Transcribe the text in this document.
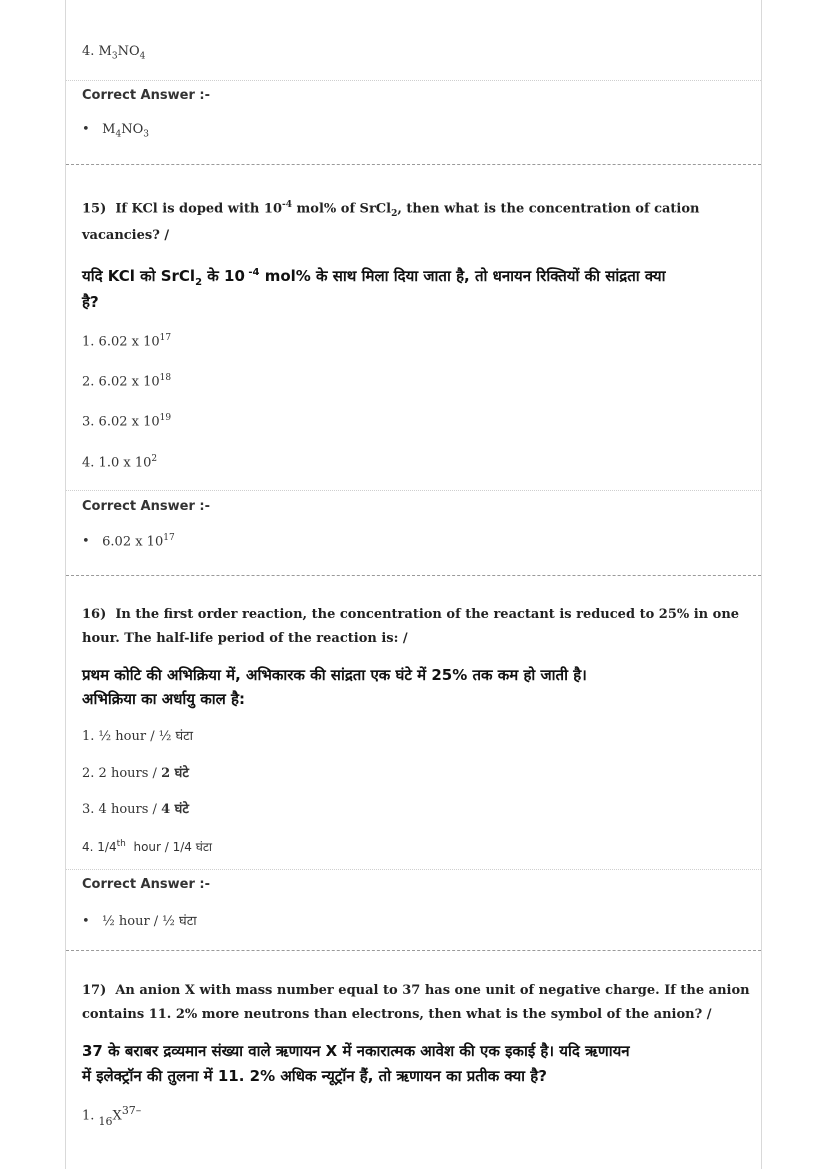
4. $M_3NO_4$
Correct Answer :-
• $M_4NO_3$
15) If KCl is doped with $10^{-4}$ mol% of SrCl$_2$, then what is the concentration of cation
vacancies? /
यदि KCl को SrCl$_2$ के 10 $^{-4}$ mol% के साथ मिला दिया जाता है, तो धनायन रिक्तियों की सांद्रता क्या
है?
1. 6.02 x $10^{17}$
2. 6.02 x $10^{18}$
3. 6.02 x $10^{19}$
4. 1.0 x $10^2$
Correct Answer :-
• 6.02 x $10^{17}$
16) In the first order reaction, the concentration of the reactant is reduced to 25% in one
hour. The half-life period of the reaction is: /
प्रथम कोटि की अभिक्रिया में, अभिकारक की सांद्रता एक घंटे में 25% तक कम हो जाती है।
अभिक्रिया का अर्धायु काल है:
1. ½ hour / ½ घंटा
2. 2 hours / 2 घंटे
3. 4 hours / 4 घंटे
4. 1/4th  hour / 1/4 घंटा
Correct Answer :-
• ½ hour / ½ घंटा
17) An anion X with mass number equal to 37 has one unit of negative charge. If the anion
contains 11. 2% more neutrons than electrons, then what is the symbol of the anion? /
37 के बराबर द्रव्यमान संख्या वाले ऋणायन X में नकारात्मक आवेश की एक इकाई है। यदि ऋणायन
में इलेक्ट्रॉन की तुलना में 11. 2% अधिक न्यूट्रॉन हैं, तो ऋणायन का प्रतीक क्या है?
1. $_{16}X^{37-}$
